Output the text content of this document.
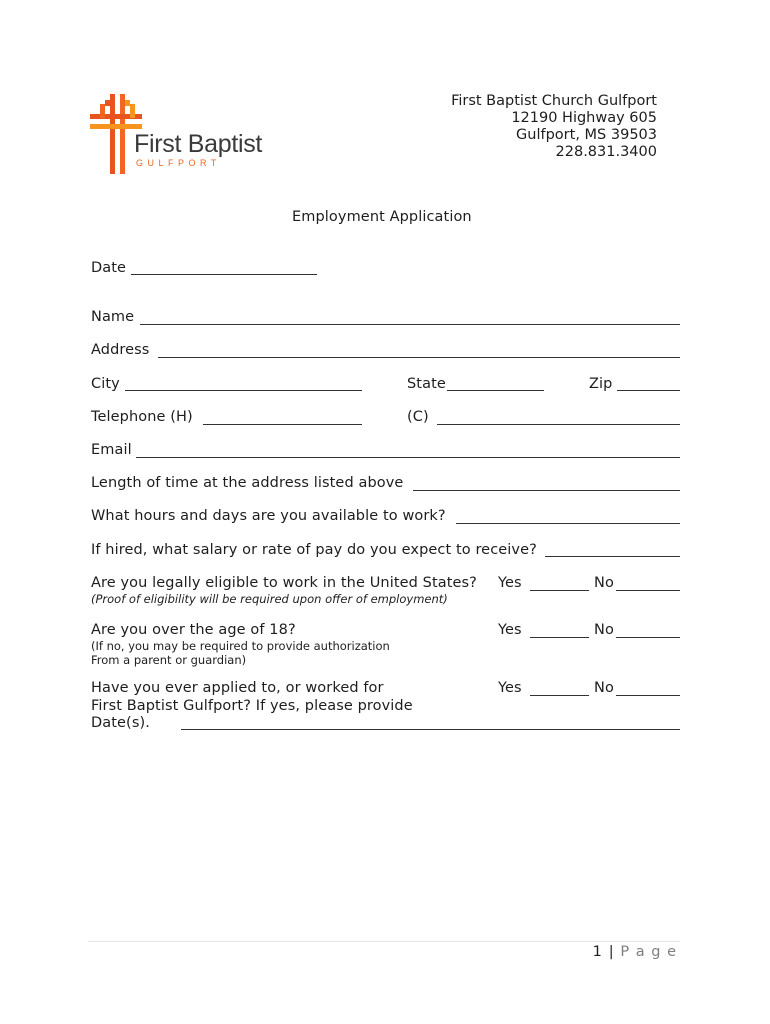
First Baptist
GULFPORT
First Baptist Church Gulfport
12190 Highway 605
Gulfport, MS 39503
228.831.3400
Employment Application
Date
Name
Address
City	State	Zip
Telephone (H)	(C)
Email
Length of time at the address listed above
What hours and days are you available to work?
If hired, what salary or rate of pay do you expect to receive?
Are you legally eligible to work in the United States?
(Proof of eligibility will be required upon offer of employment)
Yes	No
Are you over the age of 18?
(If no, you may be required to provide authorization
From a parent or guardian)
Yes	No
Have you ever applied to, or worked for
First Baptist Gulfport? If yes, please provide
Date(s).
Yes	No
1 | P a g e
